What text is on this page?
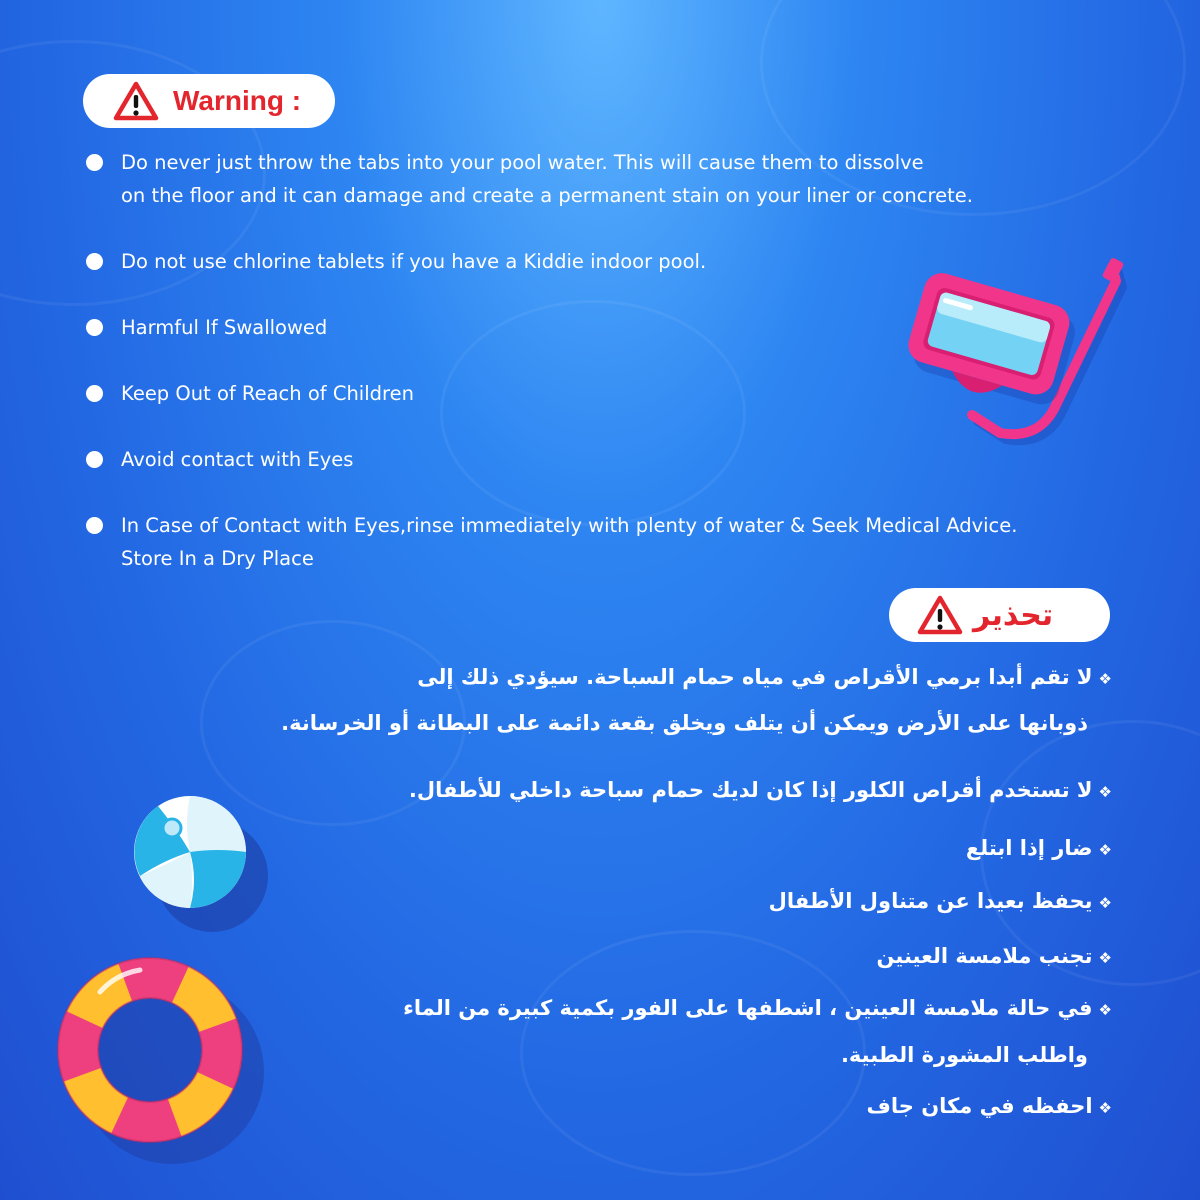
Warning :
Do never just throw the tabs into your pool water. This will cause them to dissolve
on the floor and it can damage and create a permanent stain on your liner or concrete.
Do not use chlorine tablets if you have a Kiddie indoor pool.
Harmful If Swallowed
Keep Out of Reach of Children
Avoid contact with Eyes
In Case of Contact with Eyes,rinse immediately with plenty of water & Seek Medical Advice.
Store In a Dry Place
تحذير
❖لا تقم أبدا برمي الأقراص في مياه حمام السباحة. سيؤدي ذلك إلى
ذوبانها على الأرض ويمكن أن يتلف ويخلق بقعة دائمة على البطانة أو الخرسانة.
❖لا تستخدم أقراص الكلور إذا كان لديك حمام سباحة داخلي للأطفال.
❖ضار إذا ابتلع
❖يحفظ بعيدا عن متناول الأطفال
❖تجنب ملامسة العينين
❖في حالة ملامسة العينين ، اشطفها على الفور بكمية كبيرة من الماء
واطلب المشورة الطبية.
❖احفظه في مكان جاف
